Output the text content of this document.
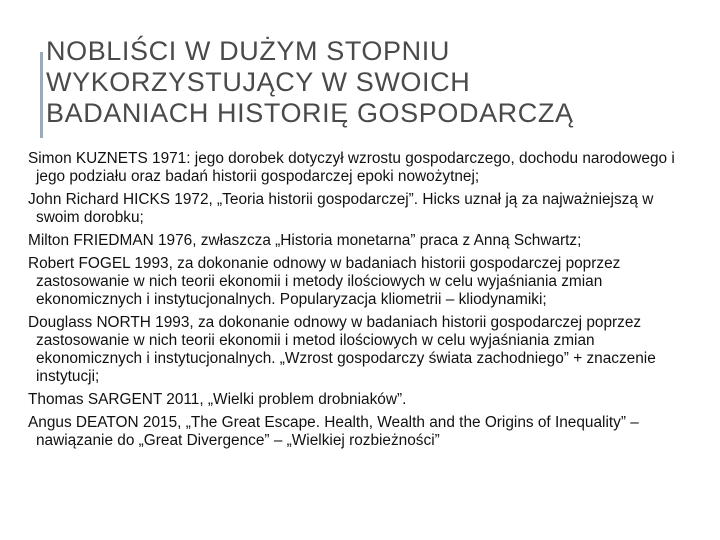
NOBLIŚCI W DUŻYM STOPNIU
WYKORZYSTUJĄCY W SWOICH
BADANIACH HISTORIĘ GOSPODARCZĄ

Simon KUZNETS 1971: jego dorobek dotyczył wzrostu gospodarczego, dochodu narodowego i jego podziału oraz badań historii gospodarczej epoki nowożytnej;

John Richard HICKS 1972, „Teoria historii gospodarczej”. Hicks uznał ją za najważniejszą w swoim dorobku;

Milton FRIEDMAN 1976, zwłaszcza „Historia monetarna” praca z Anną Schwartz;

Robert FOGEL 1993, za dokonanie odnowy w badaniach historii gospodarczej poprzez zastosowanie w nich teorii ekonomii i metody ilościowych w celu wyjaśniania zmian ekonomicznych i instytucjonalnych. Popularyzacja kliometrii – kliodynamiki;

Douglass NORTH 1993, za dokonanie odnowy w badaniach historii gospodarczej poprzez zastosowanie w nich teorii ekonomii i metod ilościowych w celu wyjaśniania zmian ekonomicznych i instytucjonalnych. „Wzrost gospodarczy świata zachodniego” + znaczenie instytucji;

Thomas SARGENT 2011, „Wielki problem drobniaków”.

Angus DEATON 2015, „The Great Escape. Health, Wealth and the Origins of Inequality” – nawiązanie do „Great Divergence” – „Wielkiej rozbieżności”
